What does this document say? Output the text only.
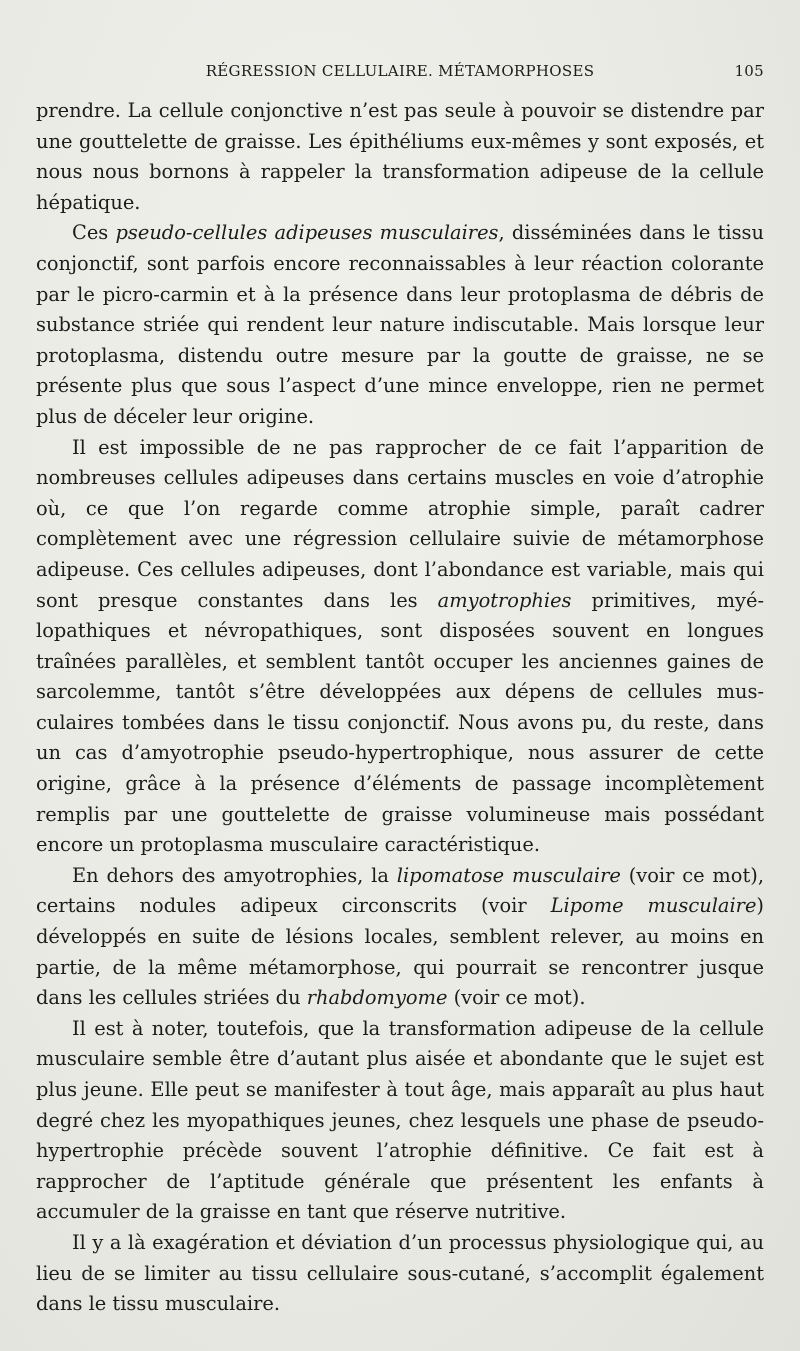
RÉGRESSION CELLULAIRE. MÉTAMORPHOSES	105

prendre. La cellule conjonctive n’est pas seule à pouvoir se distendre par une gouttelette de graisse. Les épithéliums eux-mêmes y sont exposés, et nous nous bornons à rappeler la transformation adipeuse de la cellule hépatique.

Ces pseudo-cellules adipeuses musculaires, disséminées dans le tissu conjonctif, sont parfois encore reconnaissables à leur réaction colorante par le picro-carmin et à la présence dans leur protoplasma de débris de substance striée qui rendent leur nature indiscutable. Mais lorsque leur protoplasma, distendu outre mesure par la goutte de graisse, ne se présente plus que sous l’aspect d’une mince enveloppe, rien ne permet plus de déceler leur origine.

Il est impossible de ne pas rapprocher de ce fait l’apparition de nombreuses cellules adipeuses dans certains muscles en voie d’atrophie où, ce que l’on regarde comme atrophie simple, paraît cadrer complètement avec une régression cellulaire suivie de métamorphose adipeuse. Ces cellules adipeuses, dont l’abondance est variable, mais qui sont presque constantes dans les amyotrophies primitives, myélopathiques et névropathiques, sont disposées souvent en longues traînées parallèles, et semblent tantôt occuper les anciennes gaines de sarcolemme, tantôt s’être développées aux dépens de cellules musculaires tombées dans le tissu conjonctif. Nous avons pu, du reste, dans un cas d’amyotrophie pseudo-hypertrophique, nous assurer de cette origine, grâce à la présence d’éléments de passage incomplètement remplis par une gouttelette de graisse volumineuse mais possédant encore un protoplasma musculaire caractéristique.

En dehors des amyotrophies, la lipomatose musculaire (voir ce mot), certains nodules adipeux circonscrits (voir Lipome musculaire) développés en suite de lésions locales, semblent relever, au moins en partie, de la même métamorphose, qui pourrait se rencontrer jusque dans les cellules striées du rhabdomyome (voir ce mot).

Il est à noter, toutefois, que la transformation adipeuse de la cellule musculaire semble être d’autant plus aisée et abondante que le sujet est plus jeune. Elle peut se manifester à tout âge, mais apparaît au plus haut degré chez les myopathiques jeunes, chez lesquels une phase de pseudo-hypertrophie précède souvent l’atrophie définitive. Ce fait est à rapprocher de l’aptitude générale que présentent les enfants à accumuler de la graisse en tant que réserve nutritive.

Il y a là exagération et déviation d’un processus physiologique qui, au lieu de se limiter au tissu cellulaire sous-cutané, s’accomplit également dans le tissu musculaire.
